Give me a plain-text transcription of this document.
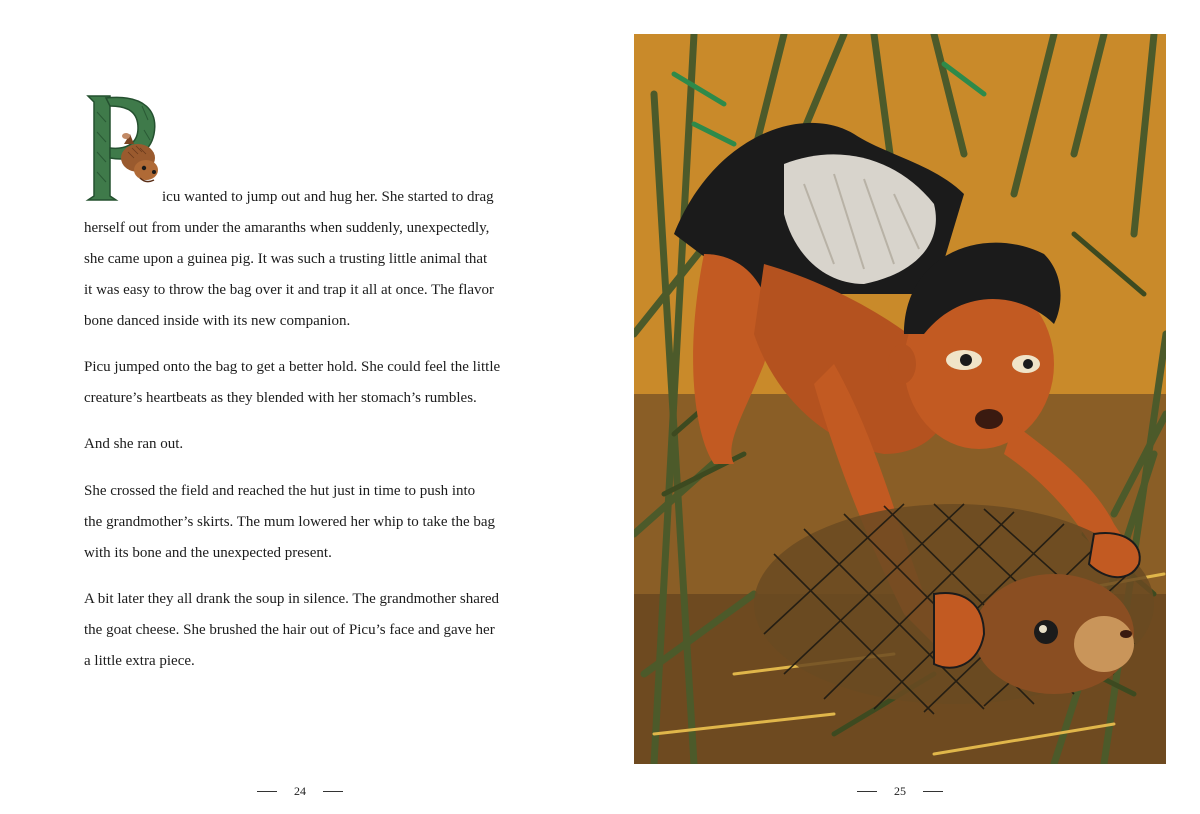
icu wanted to jump out and hug her. She started to drag
herself out from under the amaranths when suddenly, unexpectedly,
she came upon a guinea pig. It was such a trusting little animal that
it was easy to throw the bag over it and trap it all at once. The flavor
bone danced inside with its new companion.

Picu jumped onto the bag to get a better hold. She could feel the little
creature’s heartbeats as they blended with her stomach’s rumbles.

And she ran out.

She crossed the field and reached the hut just in time to push into
the grandmother’s skirts. The mum lowered her whip to take the bag
with its bone and the unexpected present.

A bit later they all drank the soup in silence. The grandmother shared
the goat cheese. She brushed the hair out of Picu’s face and gave her
a little extra piece.

24	25
